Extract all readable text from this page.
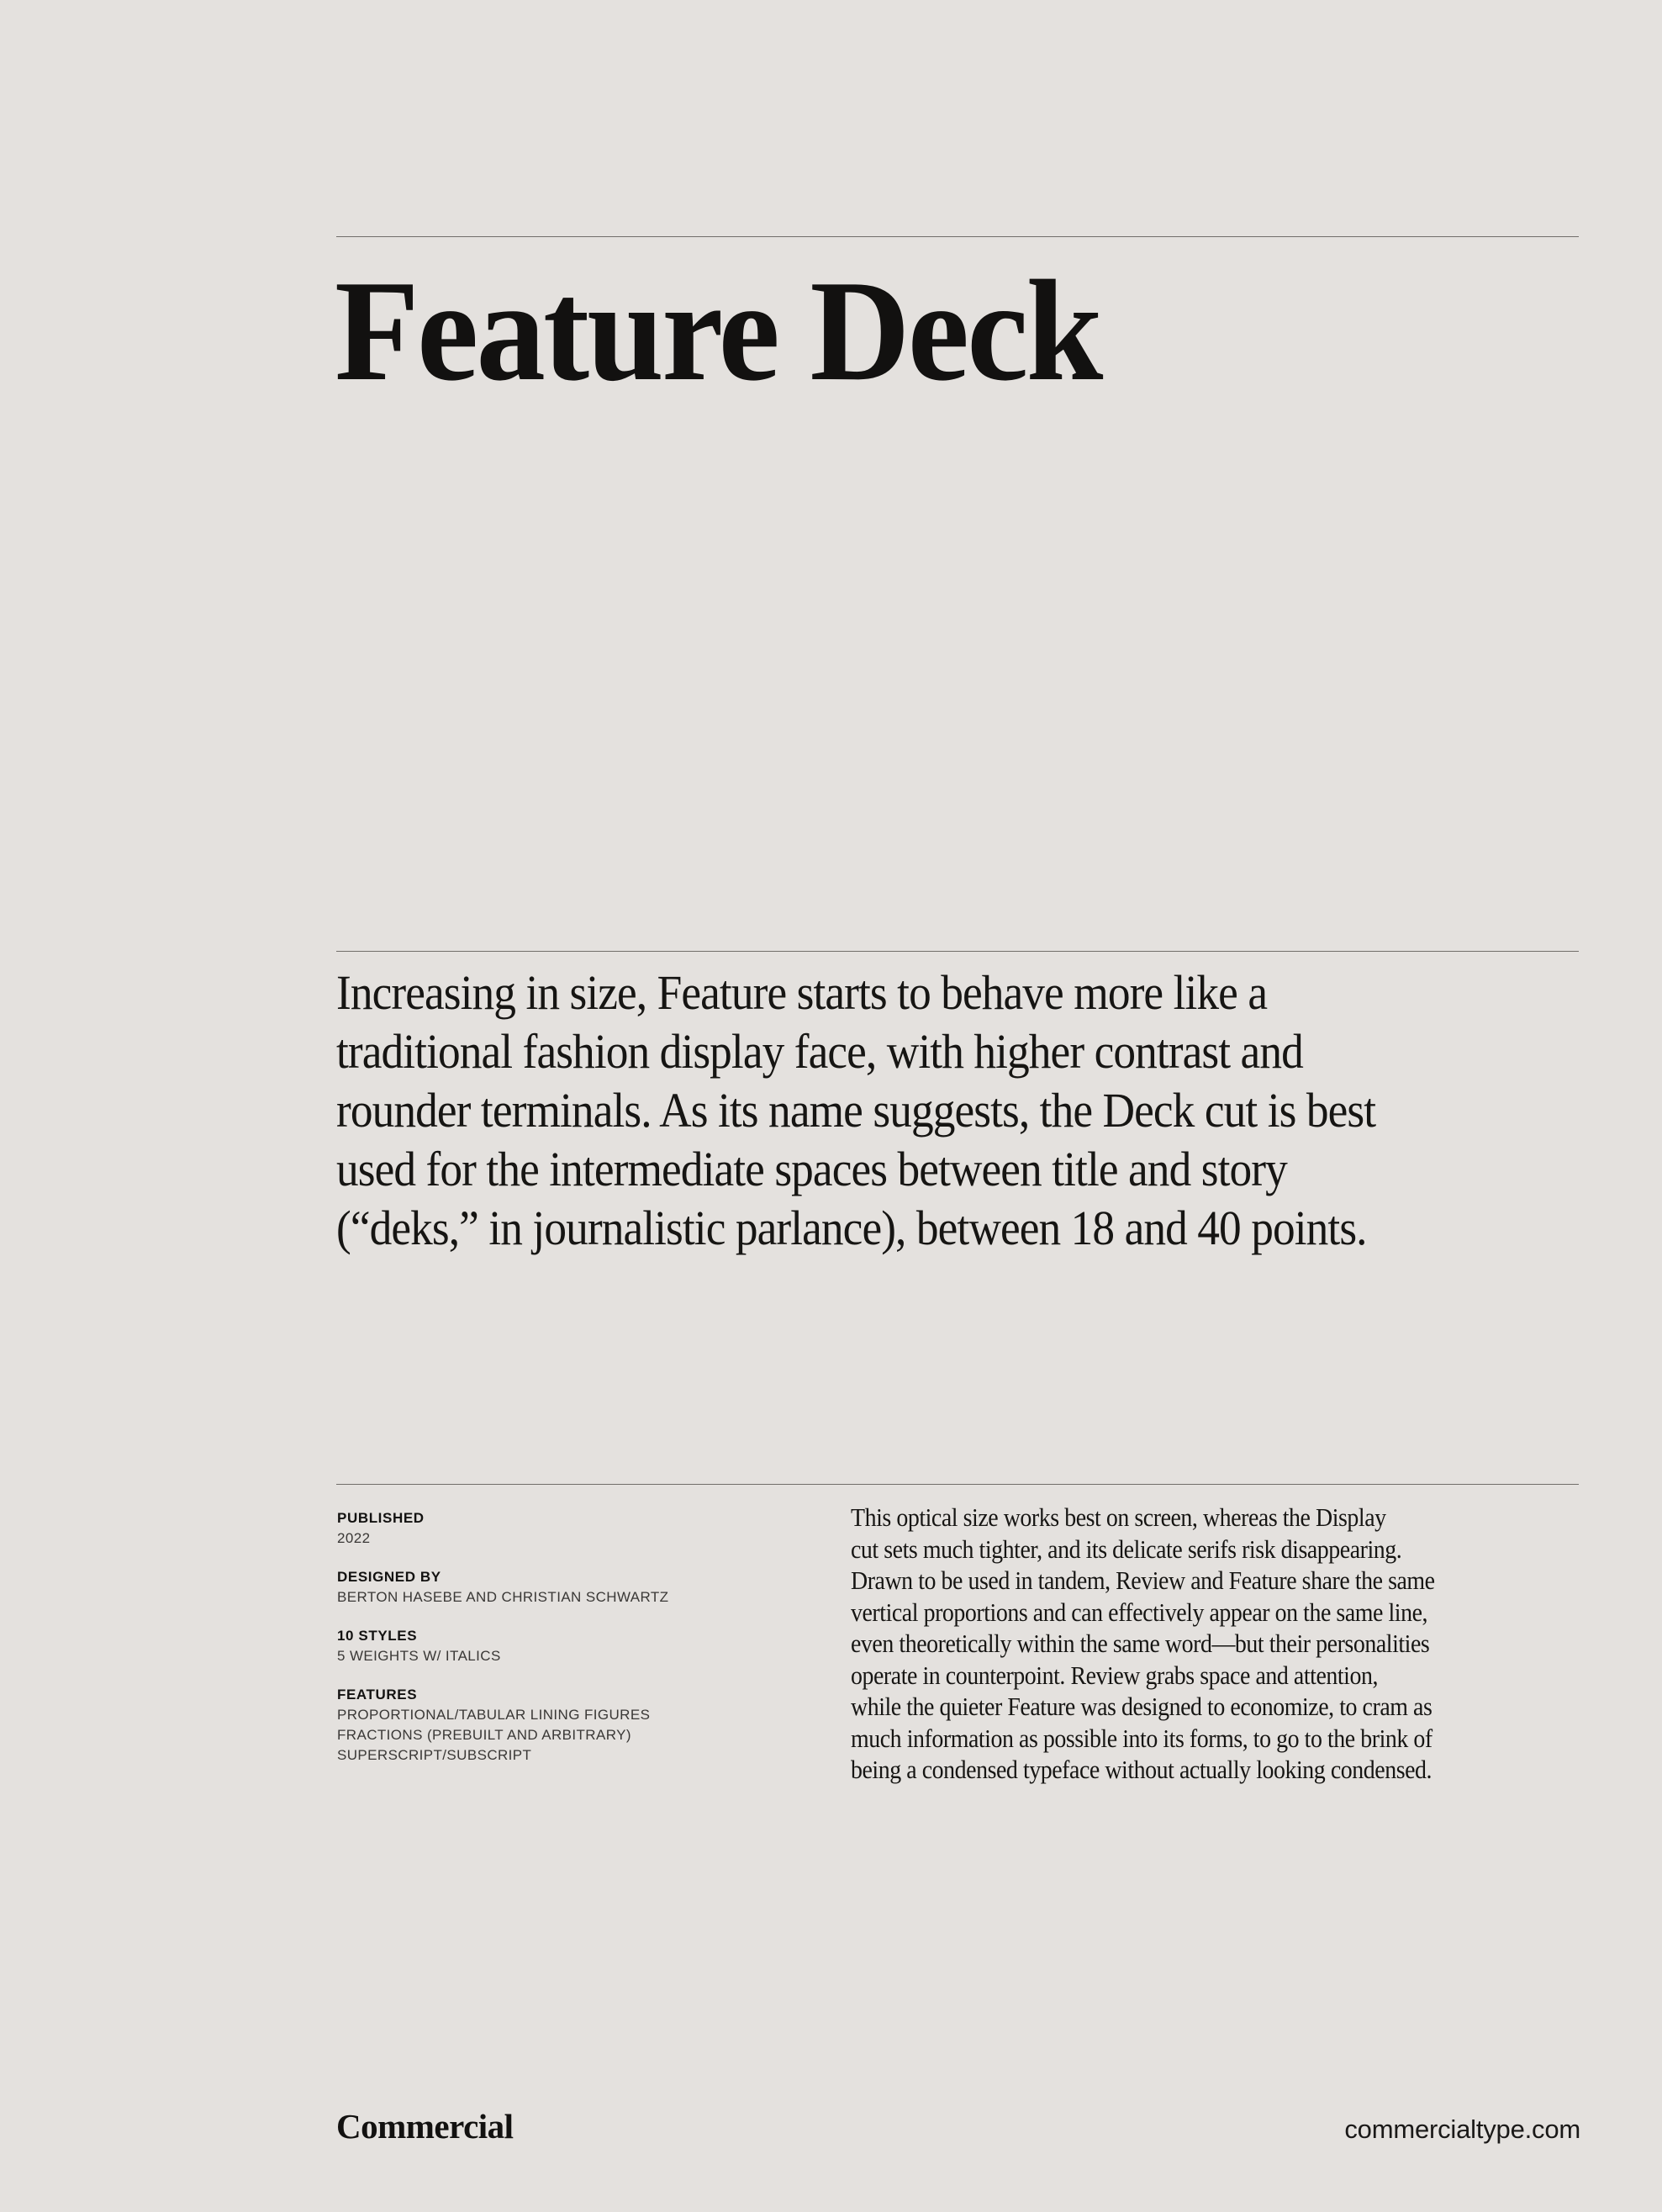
Feature Deck
Increasing in size, Feature starts to behave more like a
traditional fashion display face, with higher contrast and
rounder terminals. As its name suggests, the Deck cut is best
used for the intermediate spaces between title and story
(“deks,” in journalistic parlance), between 18 and 40 points.
PUBLISHED
2022
DESIGNED BY
BERTON HASEBE AND CHRISTIAN SCHWARTZ
10 STYLES
5 WEIGHTS W/ ITALICS
FEATURES
PROPORTIONAL/TABULAR LINING FIGURES
FRACTIONS (PREBUILT AND ARBITRARY)
SUPERSCRIPT/SUBSCRIPT
This optical size works best on screen, whereas the Display
cut sets much tighter, and its delicate serifs risk disappearing.
Drawn to be used in tandem, Review and Feature share the same
vertical proportions and can effectively appear on the same line,
even theoretically within the same word—but their personalities
operate in counterpoint. Review grabs space and attention,
while the quieter Feature was designed to economize, to cram as
much information as possible into its forms, to go to the brink of
being a condensed typeface without actually looking condensed.
Commercial	commercialtype.com
